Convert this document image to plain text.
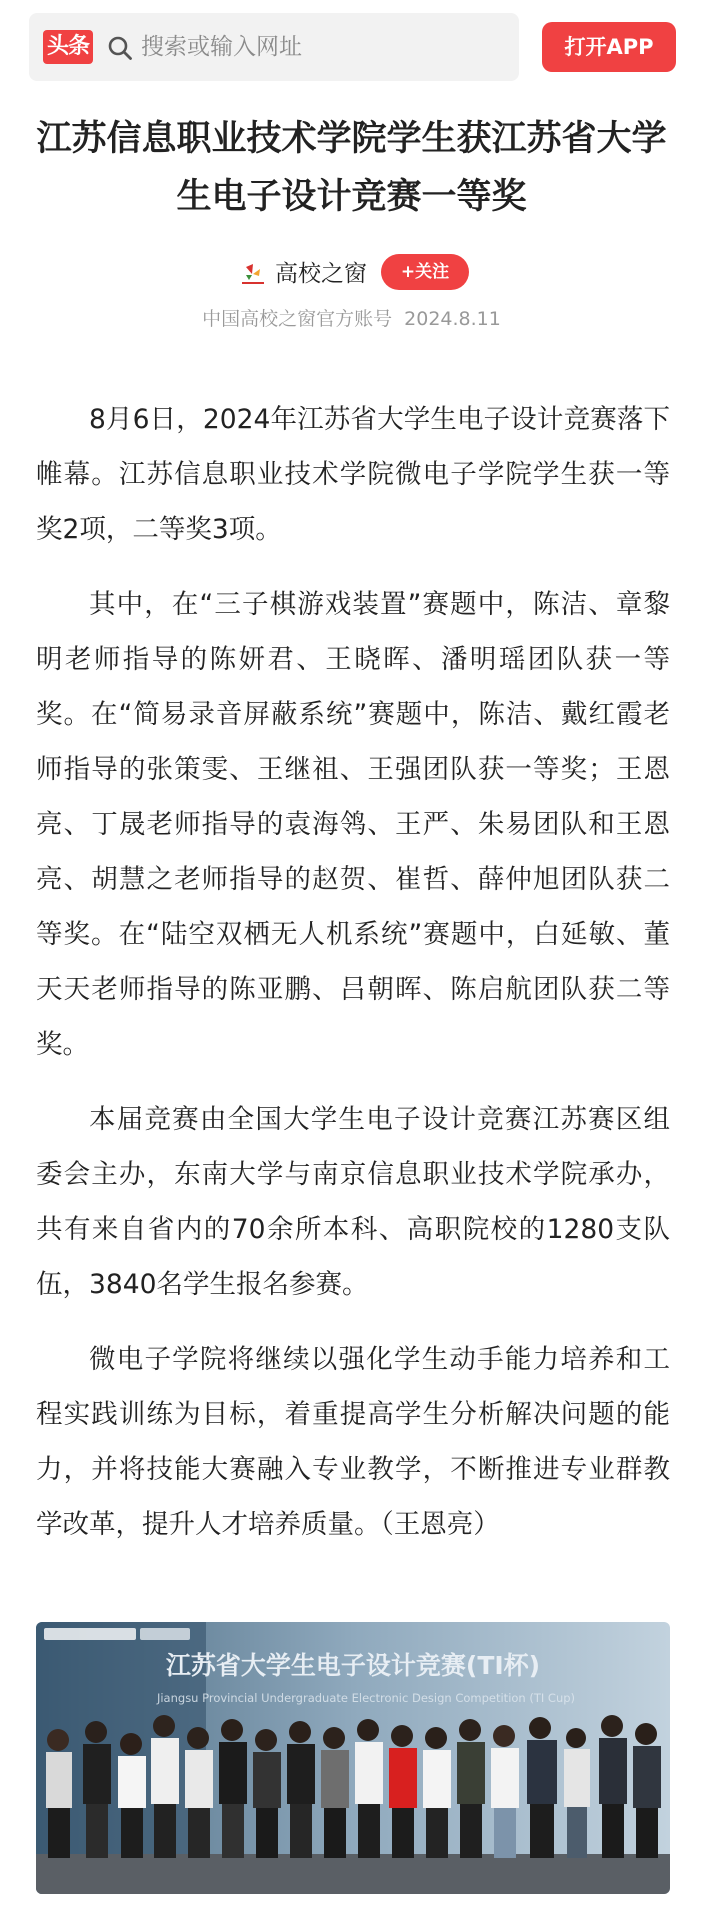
头条 搜索或输入网址	打开APP
江苏信息职业技术学院学生获江苏省大学生电子设计竞赛一等奖
高校之窗	+关注
中国高校之窗官方账号 2024.8.11

8月6日，2024年江苏省大学生电子设计竞赛落下帷幕。江苏信息职业技术学院微电子学院学生获一等奖2项，二等奖3项。

其中，在“三子棋游戏装置”赛题中，陈洁、章黎明老师指导的陈妍君、王晓晖、潘明瑶团队获一等奖。在“简易录音屏蔽系统”赛题中，陈洁、戴红霞老师指导的张策雯、王继祖、王强团队获一等奖；王恩亮、丁晟老师指导的袁海鸰、王严、朱易团队和王恩亮、胡慧之老师指导的赵贺、崔哲、薛仲旭团队获二等奖。在“陆空双栖无人机系统”赛题中，白延敏、董天天老师指导的陈亚鹏、吕朝晖、陈启航团队获二等奖。

本届竞赛由全国大学生电子设计竞赛江苏赛区组委会主办，东南大学与南京信息职业技术学院承办，共有来自省内的70余所本科、高职院校的1280支队伍，3840名学生报名参赛。

微电子学院将继续以强化学生动手能力培养和工程实践训练为目标，着重提高学生分析解决问题的能力，并将技能大赛融入专业教学，不断推进专业群教学改革，提升人才培养质量。（王恩亮）

江苏省大学生电子设计竞赛(TI杯)
Jiangsu Provincial Undergraduate Electronic Design Competition (TI Cup)
